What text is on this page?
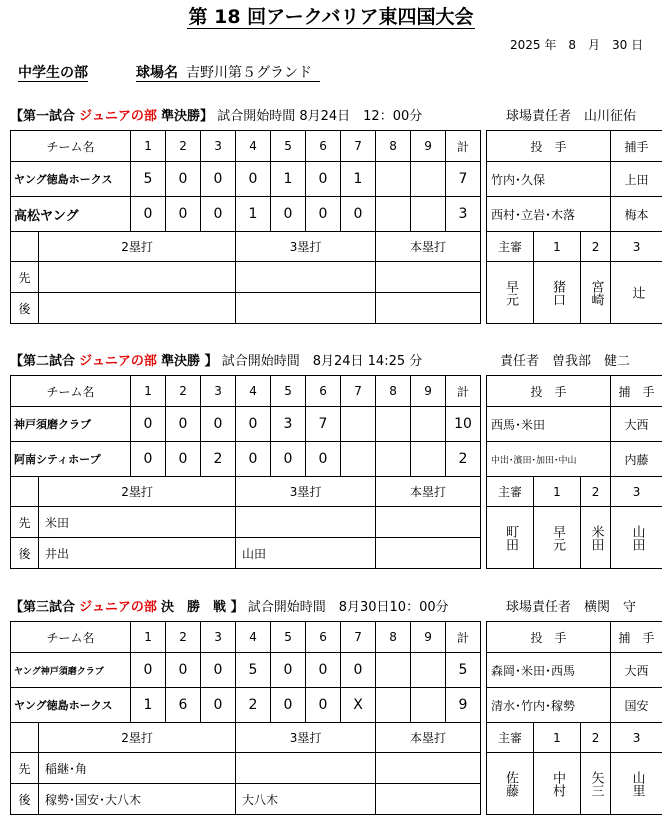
第 18 回アークバリア東四国大会
2025 年　8　月　30 日
中学生の部	球場名 吉野川第５グランド
【第一試合 ジュニアの部 準決勝】 試合開始時間 8月24日　12：00分	球場責任者　山川征佑
チーム名		1	2	3	4	5	6	7	8	9	計
ヤング徳島ホークス		5	0	0	0	1	0	1			7
高松ヤング		0	0	0	1	0	0	0			3
	2塁打				3塁打				本塁打		
先											
後											
投　手			捕手
竹内･久保			上田
西村･立岩･木落			梅本
主審	1	2	3
早元	猪口	宮崎	辻
【第二試合 ジュニアの部 準決勝 】 試合開始時間　8月24日 14:25 分	責任者　曽我部　健二
チーム名		1	2	3	4	5	6	7	8	9	計
神戸須磨クラブ		0	0	0	0	3	7				10
阿南シティホープ		0	0	2	0	0	0				2
	2塁打				3塁打				本塁打		
先	米田										
後	井出				山田						
投　手			捕　手
西馬･米田			大西
中出･濱田･加田･中山			内藤
主審	1	2	3
町田	早元	米田	山田
【第三試合 ジュニアの部 決　勝　戦 】 試合開始時間　8月30日10：00分	球場責任者　横関　守
チーム名		1	2	3	4	5	6	7	8	9	計
ヤング神戸須磨クラブ		0	0	0	5	0	0	0			5
ヤング徳島ホークス		1	6	0	2	0	0	X			9
	2塁打				3塁打				本塁打		
先	稲継･角										
後	稼勢･国安･大八木				大八木						
投　手			捕　手
森岡･米田･西馬			大西
清水･竹内･稼勢			国安
主審	1	2	3
佐藤	中村	矢三	山里
